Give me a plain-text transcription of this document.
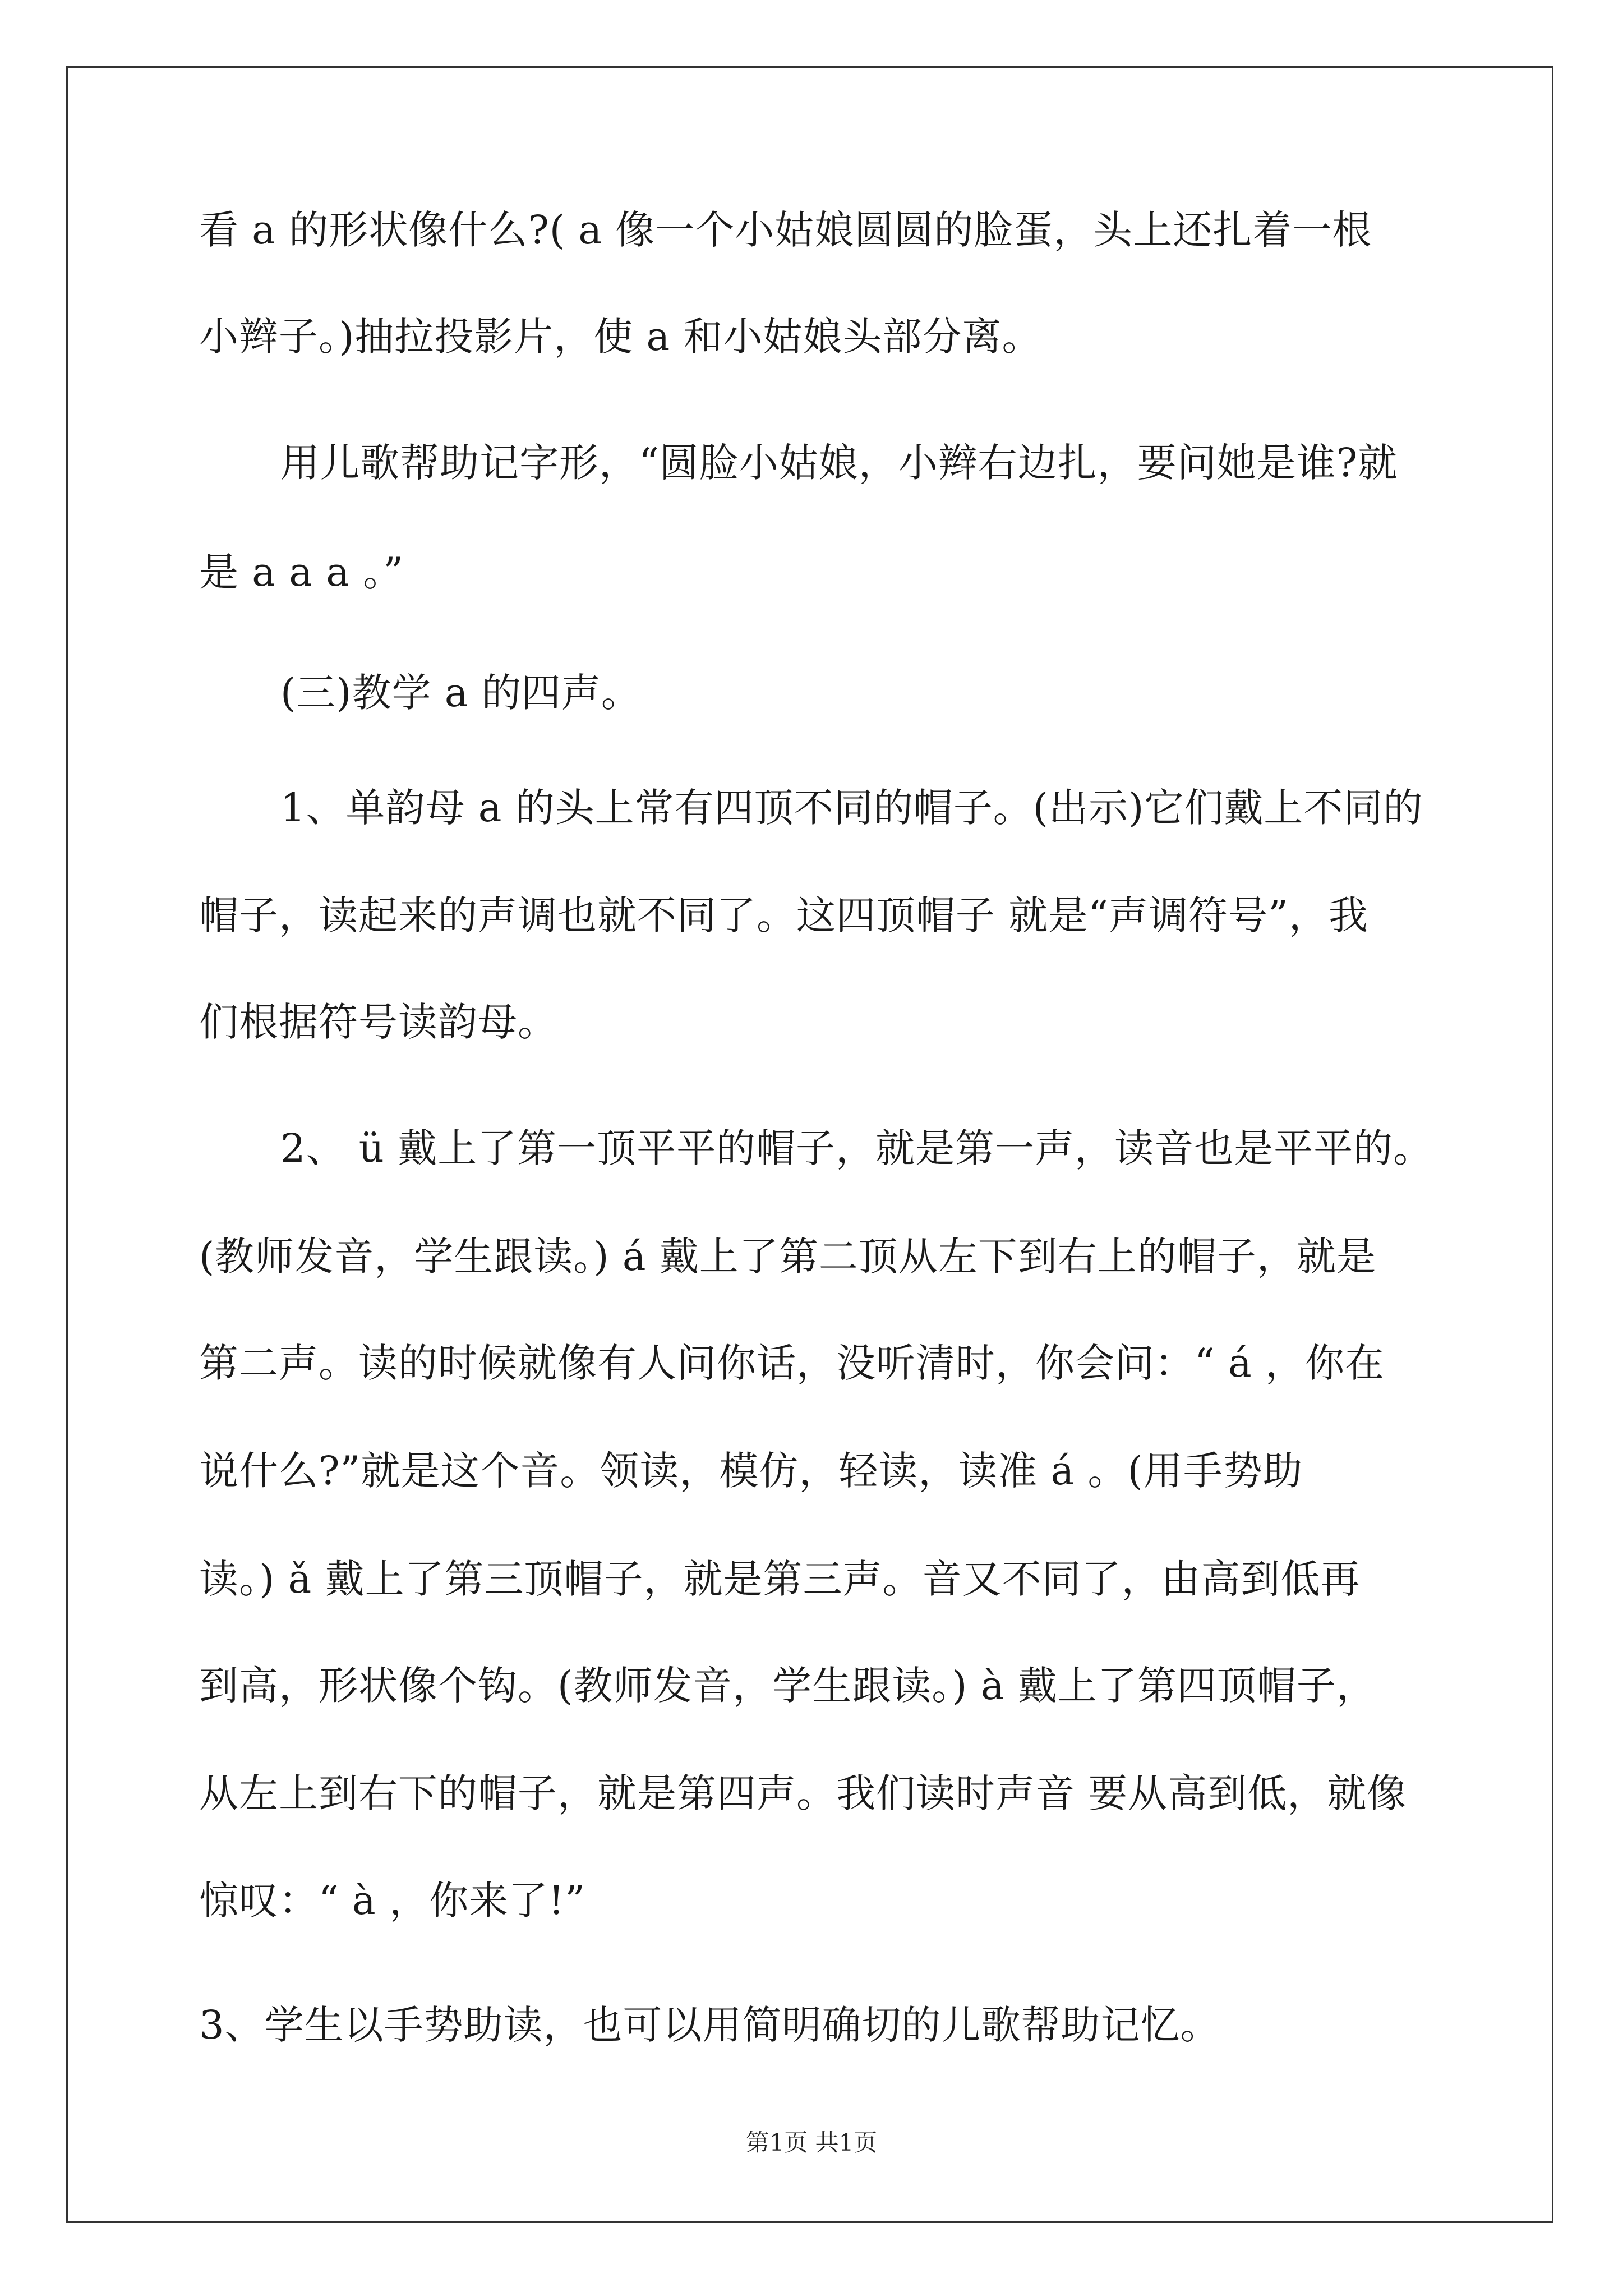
看 a 的形状像什么?( a 像一个小姑娘圆圆的脸蛋，头上还扎着一根
小辫子。)抽拉投影片，使 a 和小姑娘头部分离。
用儿歌帮助记字形，“圆脸小姑娘，小辫右边扎，要问她是谁?就
是 a a a 。”
(三)教学 a 的四声。
1、单韵母 a 的头上常有四顶不同的帽子。(出示)它们戴上不同的
帽子，读起来的声调也就不同了。这四顶帽子 就是“声调符号”，我
们根据符号读韵母。
2、 ü 戴上了第一顶平平的帽子，就是第一声，读音也是平平的。
(教师发音，学生跟读。) á 戴上了第二顶从左下到右上的帽子，就是
第二声。读的时候就像有人问你话，没听清时，你会问：“ á ，你在
说什么?”就是这个音。领读，模仿，轻读，读准 á 。(用手势助
读。) ǎ 戴上了第三顶帽子，就是第三声。音又不同了，由高到低再
到高，形状像个钩。(教师发音，学生跟读。) à 戴上了第四顶帽子，
从左上到右下的帽子，就是第四声。我们读时声音 要从高到低，就像
惊叹：“ à ，你来了!”
3、学生以手势助读，也可以用简明确切的儿歌帮助记忆。
第1页 共1页
